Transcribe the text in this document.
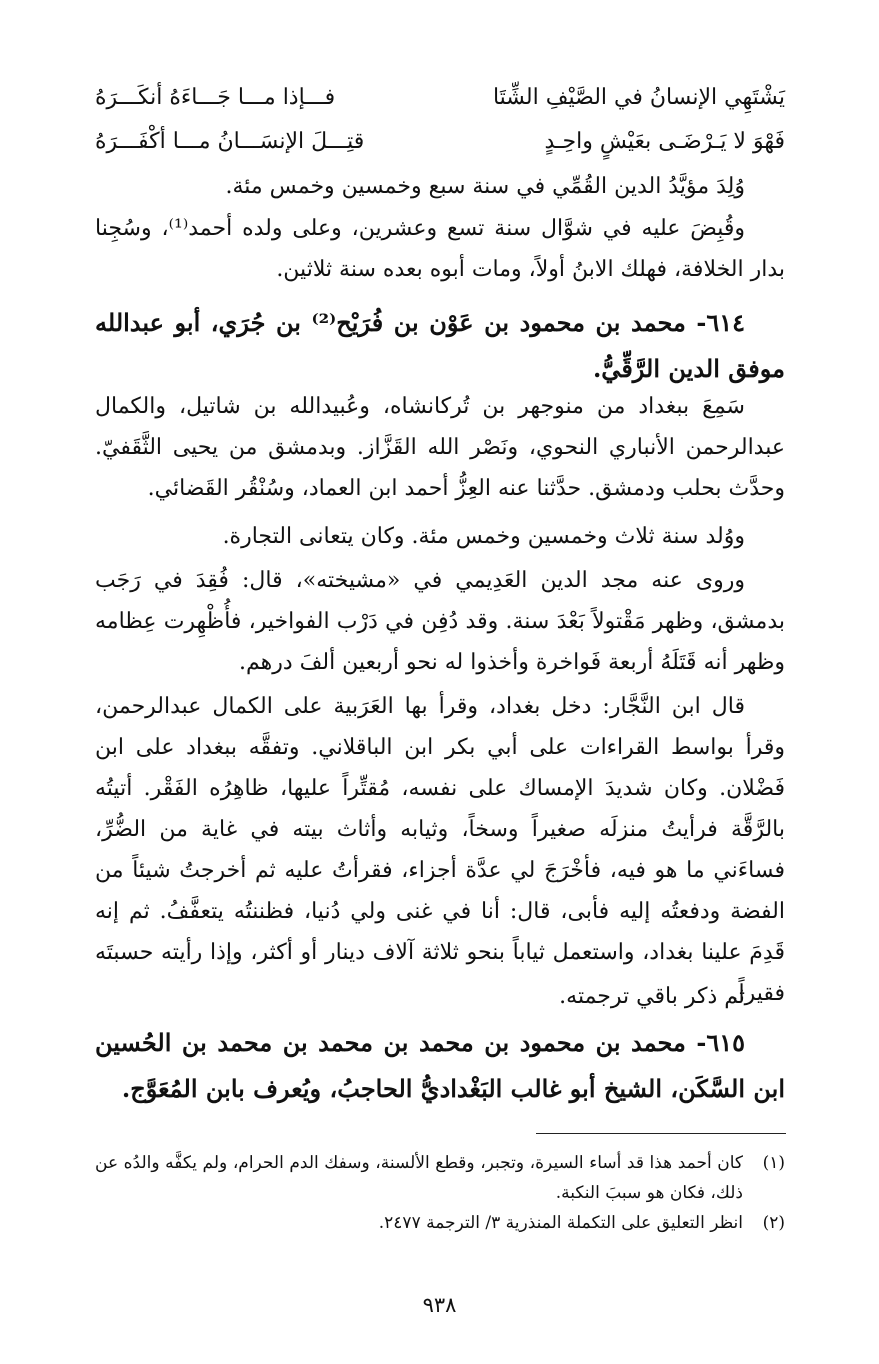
يَشْتَهِي الإنسانُ في الصَّيْفِ الشِّتَا
فـــإذا مـــا جَـــاءَهُ أنكَـــرَهُ
فَهْوَ لا يَـرْضَـى بعَيْشٍ واحِـدٍ
قتِـــلَ الإنسَـــانُ مـــا أكْفَـــرَهُ
وُلِدَ مؤيَّدُ الدين القُمِّي في سنة سبع وخمسين وخمس مئة.
وقُبِضَ عليه في شوَّال سنة تسع وعشرين، وعلى ولده أحمد⁽¹⁾، وسُجِنا بدار الخلافة، فهلك الابنُ أولاً، ومات أبوه بعده سنة ثلاثين.
٦١٤- محمد بن محمود بن عَوْن بن فُرَيْح⁽²⁾ بن جُرَي، أبو عبدالله موفق الدين الرَّقِّيُّ.
سَمِعَ ببغداد من منوجهر بن تُركانشاه، وعُبيدالله بن شاتيل، والكمال عبدالرحمن الأنباري النحوي، ونَصْر الله القَزَّاز. وبدمشق من يحيى الثَّقَفيّ. وحدَّث بحلب ودمشق. حدَّثنا عنه العِزُّ أحمد ابن العماد، وسُنْقُر القَضائي.
ووُلد سنة ثلاث وخمسين وخمس مئة. وكان يتعانى التجارة.
وروى عنه مجد الدين العَدِيمي في «مشيخته»، قال: فُقِدَ في رَجَب بدمشق، وظهر مَقْتولاً بَعْدَ سنة. وقد دُفِن في دَرْب الفواخير، فأُظْهِرت عِظامه وظهر أنه قَتَلَهُ أربعة فَواخرة وأخذوا له نحو أربعين ألفَ درهم.
قال ابن النَّجَّار: دخل بغداد، وقرأ بها العَرَبية على الكمال عبدالرحمن، وقرأ بواسط القراءات على أبي بكر ابن الباقلاني. وتفقَّه ببغداد على ابن فَضْلان. وكان شديدَ الإمساك على نفسه، مُقتِّراً عليها، ظاهِرُه الفَقْر. أتيتُه بالرَّقَّة فرأيتُ منزلَه صغيراً وسخاً، وثيابه وأثاث بيته في غاية من الضُّرِّ، فساءَني ما هو فيه، فأخْرَجَ لي عدَّة أجزاء، فقرأتُ عليه ثم أخرجتُ شيئاً من الفضة ودفعتُه إليه فأبى، قال: أنا في غنى ولي دُنيا، فظننتُه يتعفَّفُ. ثم إنه قَدِمَ علينا بغداد، واستعمل ثياباً بنحو ثلاثة آلاف دينار أو أكثر، وإذا رأيته حسبتَه فقيراً.
ثم ذكر باقي ترجمته.
٦١٥- محمد بن محمود بن محمد بن محمد بن محمد بن الحُسين ابن السَّكَن، الشيخ أبو غالب البَغْداديُّ الحاجبُ، ويُعرف بابن المُعَوَّج.
(١)
كان أحمد هذا قد أساء السيرة، وتجبر، وقطع الألسنة، وسفك الدم الحرام، ولم يكفَّه والدُه عن ذلك، فكان هو سببَ النكبة.
(٢)
انظر التعليق على التكملة المنذرية ٣/ الترجمة ٢٤٧٧.
٩٣٨
